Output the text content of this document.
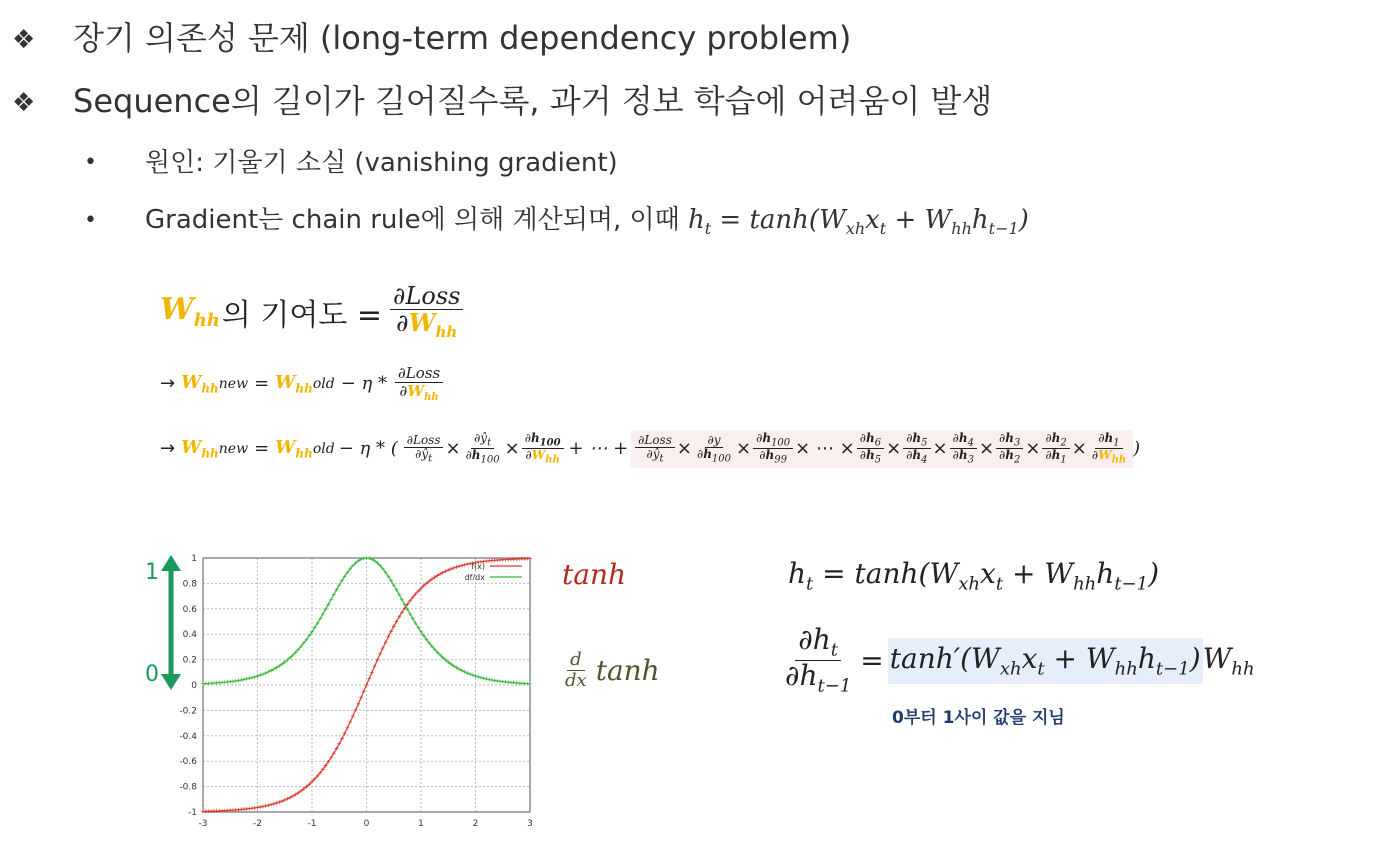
❖ 장기 의존성 문제 (long-term dependency problem)
❖ Sequence의 길이가 길어질수록, 과거 정보 학습에 어려움이 발생
• 원인: 기울기 소실 (vanishing gradient)
• Gradient는 chain rule에 의해 계산되며, 이때 $h_t = \tanh(W_{xh}x_t + W_{hh}h_{t-1})$
$W_{hh}$ 의 기여도 = $\frac{\text{∂Loss}}{\partial W_{hh}}$
→ $W_{hh}$ new = $W_{hh}$ old − η * $\frac{\text{∂Loss}}{\partial W_{hh}}$
→ $W_{hh}$ new = $W_{hh}$ old − η * ( $\frac{\text{∂Loss}}{\partial ŷ_t} \times \frac{\partial ŷ_t}{\partial h_{100}} \times \frac{\partial h_{100}}{\partial W_{hh}}$ + ⋯ + $\frac{\text{∂Loss}}{\partial ŷ_t} \times \frac{\partial y}{\partial h_{100}} \times \frac{\partial h_{100}}{\partial h_{99}}$ × ⋯ × $\frac{\partial h_6}{\partial h_5} \times \frac{\partial h_5}{\partial h_4} \times \frac{\partial h_4}{\partial h_3} \times \frac{\partial h_3}{\partial h_2} \times \frac{\partial h_2}{\partial h_1} \times \frac{\partial h_1}{\partial W_{hh}}$ )
1
0
-3	-2	-1	0	1	2	3
-1
-0.8
-0.6
-0.4
-0.2
0
0.2
0.4
0.6
0.8
1
f(x)
df/dx	tanh
$\frac{d}{dx}$ tanh
$h_t = \tanh(W_{xh}x_t + W_{hh}h_{t-1})$
$\frac{\partial h_t}{\partial h_{t-1}} = \tanh'(W_{xh}x_t + W_{hh}h_{t-1})$ $W_{hh}$
0부터 1사이 값을 지님
